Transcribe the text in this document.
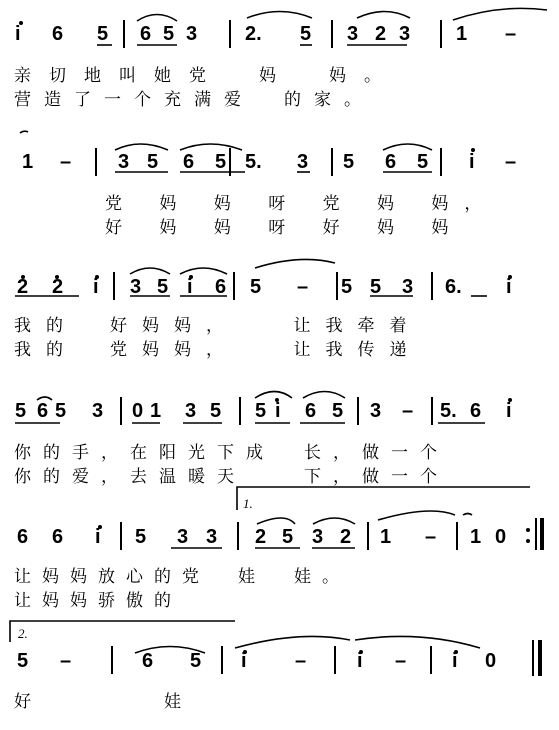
1.
2.
i 6 5 6 5 3 2. 5 3 2 3 1 –
亲切地叫她党　妈　妈。
营造了一个充满爱　的家。
1 – 3 5 6 5 5. 3 5 6 5 i –
党 妈 妈 呀 党 妈 妈，
好 妈 妈 呀 好 妈 妈
2 2 i 3 5 i 6 5 – 5 5 3 6. i
我的　好妈妈，　　让我牵着
我的　党妈妈，　　让我传递
5 6 5 3 0 1 3 5 5 i 6 5 3 – 5. 6 i
你的手，在阳光下成　长，做一个
你的爱，去温暖天　　下，做一个
6 6 i 5 3 3 2 5 3 2 1 – 1 0
让妈妈放心的党　娃　娃。
让妈妈骄傲的
5 –	6 5 i –	i – i 0
好　　　　　娃
